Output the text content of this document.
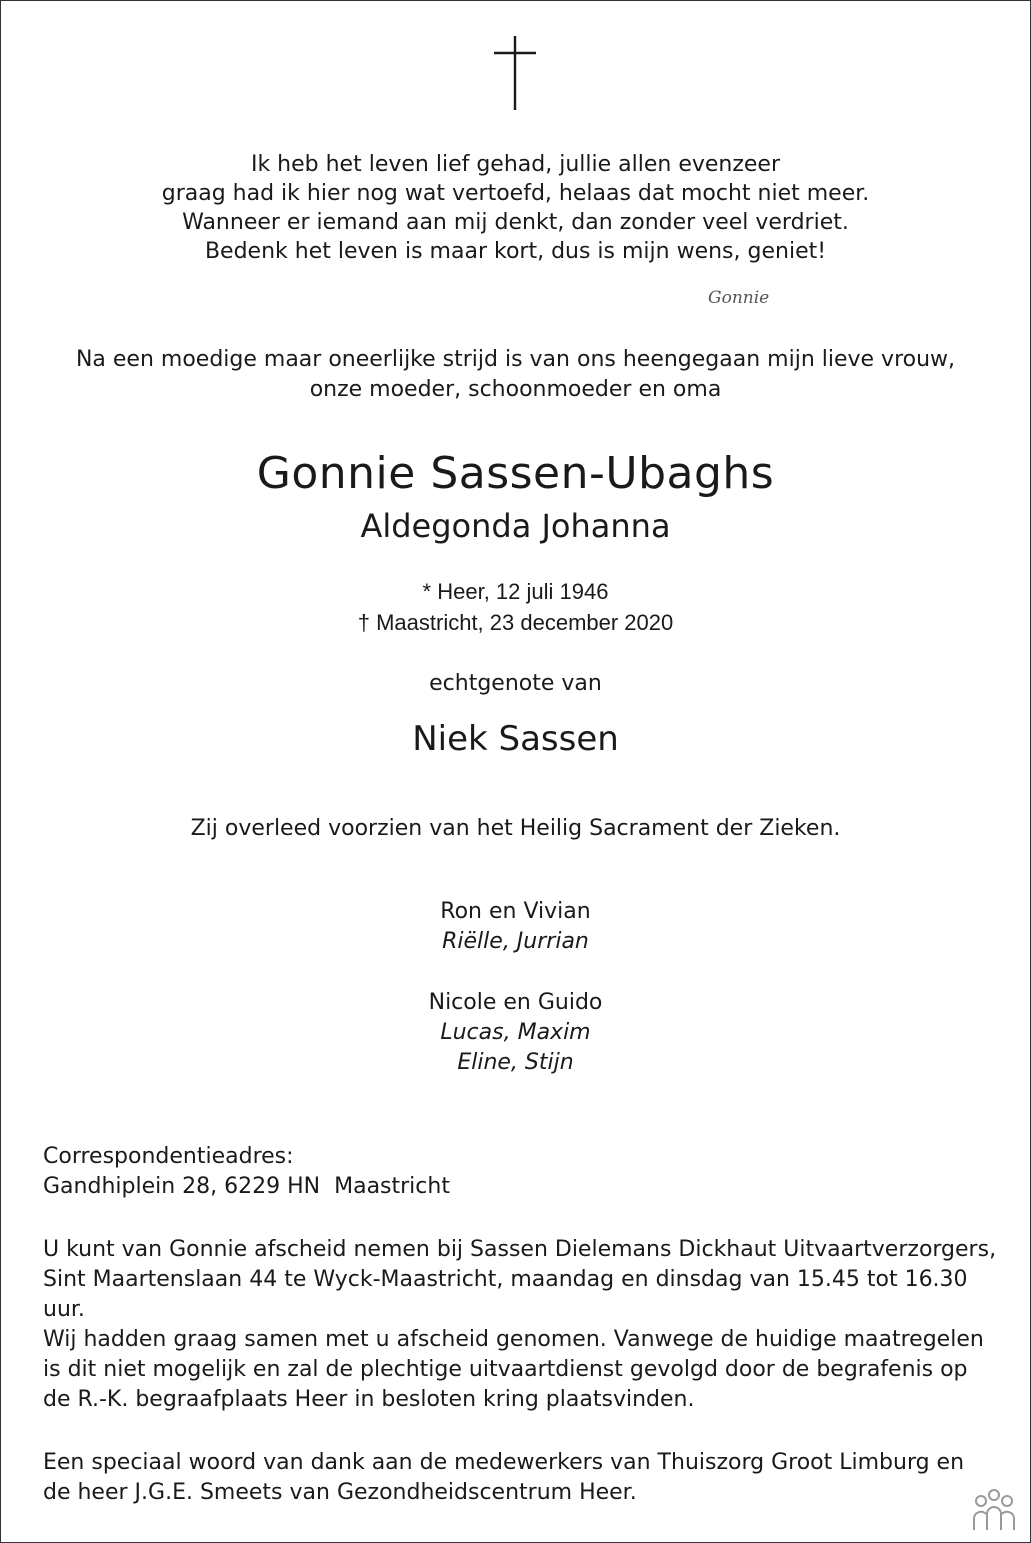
Ik heb het leven lief gehad, jullie allen evenzeer
graag had ik hier nog wat vertoefd, helaas dat mocht niet meer.
Wanneer er iemand aan mij denkt, dan zonder veel verdriet.
Bedenk het leven is maar kort, dus is mijn wens, geniet!
Gonnie
Na een moedige maar oneerlijke strijd is van ons heengegaan mijn lieve vrouw,
onze moeder, schoonmoeder en oma
Gonnie Sassen-Ubaghs
Aldegonda Johanna
* Heer, 12 juli 1946
† Maastricht, 23 december 2020
echtgenote van
Niek Sassen
Zij overleed voorzien van het Heilig Sacrament der Zieken.
Ron en Vivian
Riëlle, Jurrian
Nicole en Guido
Lucas, Maxim
Eline, Stijn
Correspondentieadres:
Gandhiplein 28, 6229 HN  Maastricht
U kunt van Gonnie afscheid nemen bij Sassen Dielemans Dickhaut Uitvaartverzorgers,
Sint Maartenslaan 44 te Wyck-Maastricht, maandag en dinsdag van 15.45 tot 16.30 uur.
Wij hadden graag samen met u afscheid genomen. Vanwege de huidige maatregelen
is dit niet mogelijk en zal de plechtige uitvaartdienst gevolgd door de begrafenis op
de R.-K. begraafplaats Heer in besloten kring plaatsvinden.
Een speciaal woord van dank aan de medewerkers van Thuiszorg Groot Limburg en
de heer J.G.E. Smeets van Gezondheidscentrum Heer.
